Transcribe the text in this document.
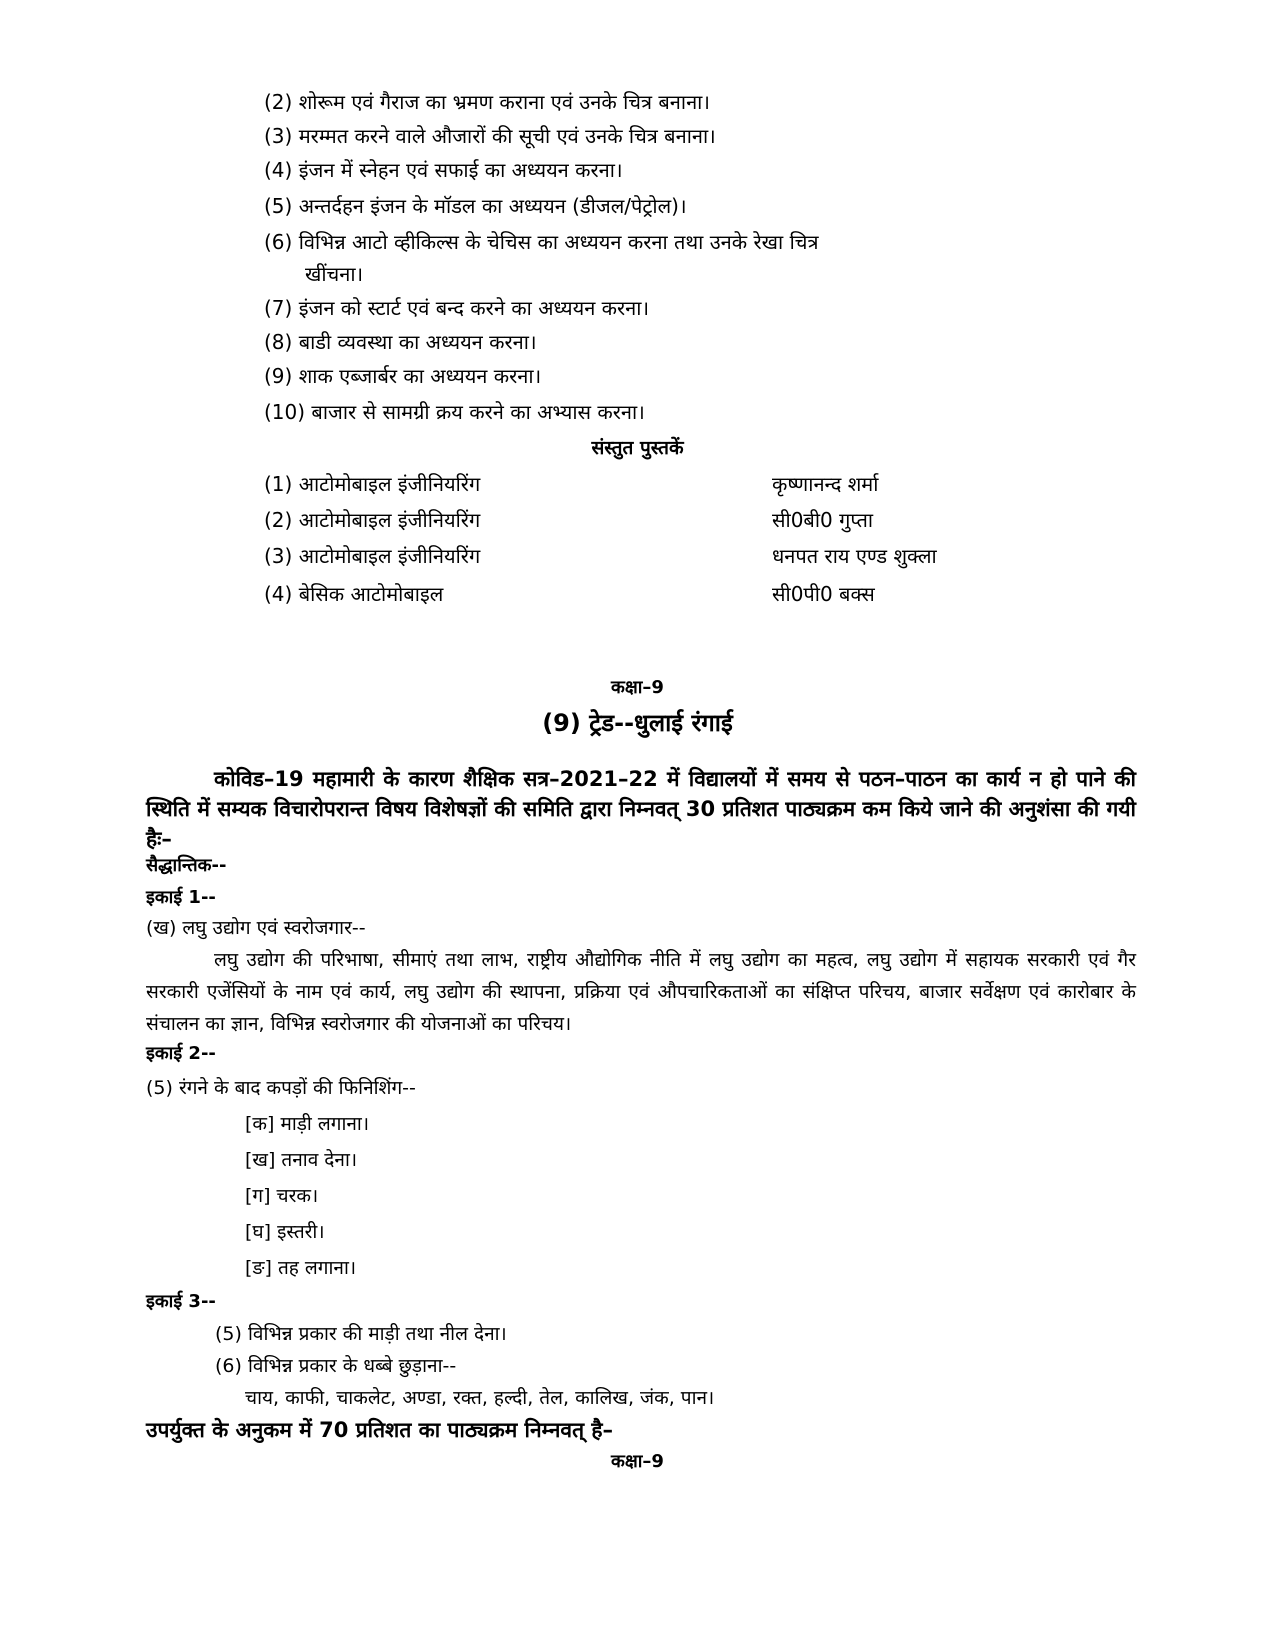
(2) शोरूम एवं गैराज का भ्रमण कराना एवं उनके चित्र बनाना।
(3) मरम्मत करने वाले औजारों की सूची एवं उनके चित्र बनाना।
(4) इंजन में स्नेहन एवं सफाई का अध्ययन करना।
(5) अन्तर्दहन इंजन के मॉडल का अध्ययन (डीजल/पेट्रोल)।
(6) विभिन्न आटो व्हीकिल्स के चेचिस का अध्ययन करना तथा उनके रेखा चित्र
खींचना।
(7) इंजन को स्टार्ट एवं बन्द करने का अध्ययन करना।
(8) बाडी व्यवस्था का अध्ययन करना।
(9) शाक एब्जार्बर का अध्ययन करना।
(10) बाजार से सामग्री क्रय करने का अभ्यास करना।
संस्तुत पुस्तकें
(1) आटोमोबाइल इंजीनियरिंग	कृष्णानन्द शर्मा
(2) आटोमोबाइल इंजीनियरिंग	सी0बी0 गुप्ता
(3) आटोमोबाइल इंजीनियरिंग	धनपत राय एण्ड शुक्ला
(4) बेसिक आटोमोबाइल	सी0पी0 बक्स
कक्षा–9
(9) ट्रेड--धुलाई रंगाई
कोविड–19 महामारी के कारण शैक्षिक सत्र–2021–22 में विद्यालयों में समय से पठन–पाठन का कार्य न हो पाने की स्थिति में सम्यक विचारोपरान्त विषय विशेषज्ञों की समिति द्वारा निम्नवत् 30 प्रतिशत पाठ्यक्रम कम किये जाने की अनुशंसा की गयी हैः–
सैद्धान्तिक--
इकाई 1--
(ख) लघु उद्योग एवं स्वरोजगार--
लघु उद्योग की परिभाषा, सीमाएं तथा लाभ, राष्ट्रीय औद्योगिक नीति में लघु उद्योग का महत्व, लघु उद्योग में सहायक सरकारी एवं गैर सरकारी एजेंसियों के नाम एवं कार्य, लघु उद्योग की स्थापना, प्रक्रिया एवं औपचारिकताओं का संक्षिप्त परिचय, बाजार सर्वेक्षण एवं कारोबार के संचालन का ज्ञान, विभिन्न स्वरोजगार की योजनाओं का परिचय।
इकाई 2--
(5) रंगने के बाद कपड़ों की फिनिशिंग--
[क] माड़ी लगाना।
[ख] तनाव देना।
[ग] चरक।
[घ] इस्तरी।
[ङ] तह लगाना।
इकाई 3--
(5) विभिन्न प्रकार की माड़ी तथा नील देना।
(6) विभिन्न प्रकार के धब्बे छुड़ाना--
चाय, काफी, चाकलेट, अण्डा, रक्त, हल्दी, तेल, कालिख, जंक, पान।
उपर्युक्त के अनुकम में 70 प्रतिशत का पाठ्यक्रम निम्नवत् है–
कक्षा–9
